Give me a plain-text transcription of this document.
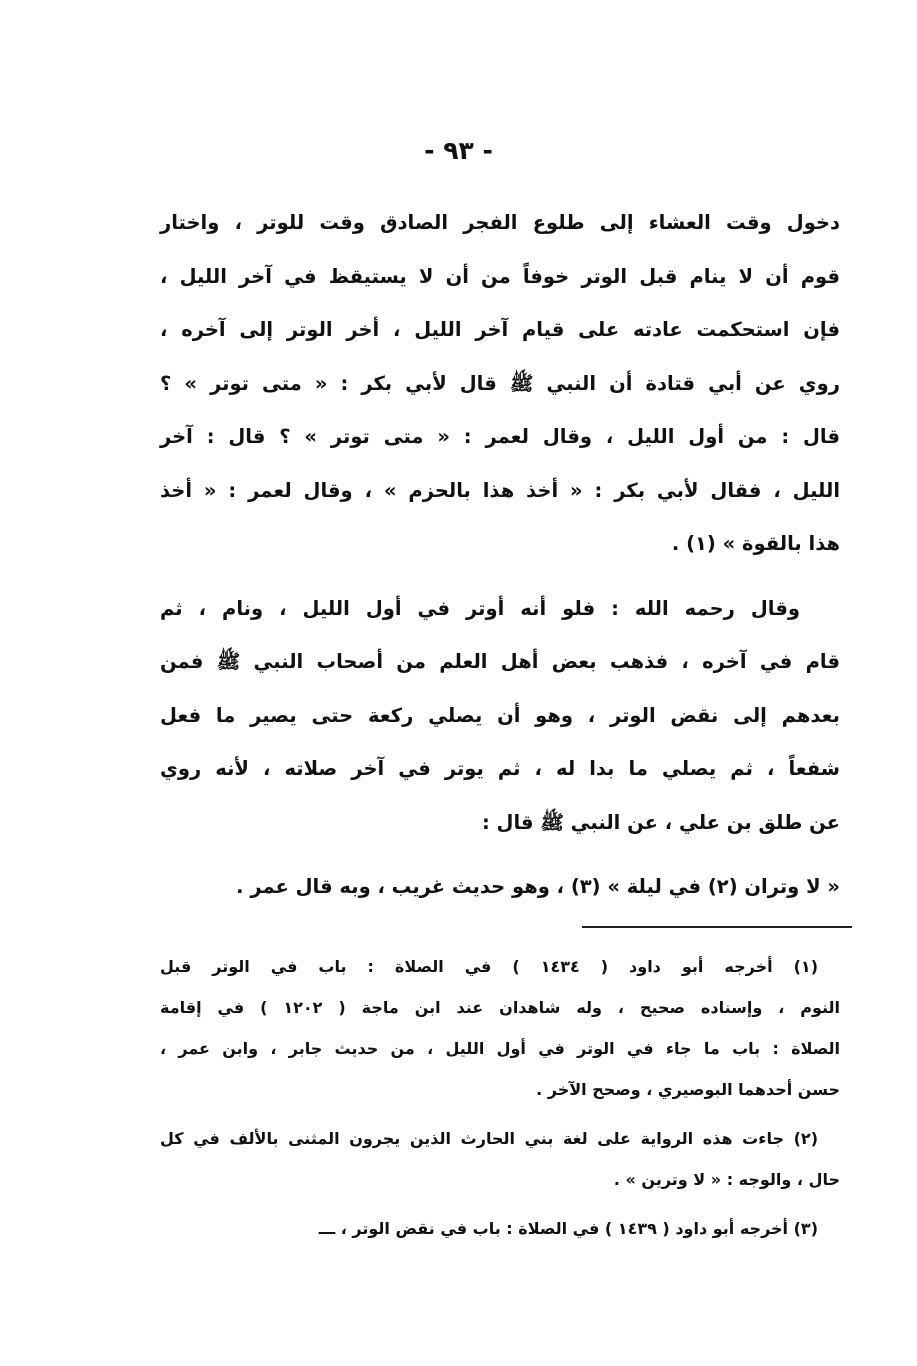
- ٩٣ -

دخول وقت العشاء إلى طلوع الفجر الصادق وقت للوتر ، واختار
قوم أن لا ينام قبل الوتر خوفاً من أن لا يستيقظ في آخر الليل ،
فإن استحكمت عادته على قيام آخر الليل ، أخر الوتر إلى آخره ،
روي عن أبي قتادة أن النبي ﷺ قال لأبي بكر : « متى توتر » ؟
قال : من أول الليل ، وقال لعمر : « متى توتر » ؟ قال : آخر
الليل ، فقال لأبي بكر : « أخذ هذا بالحزم » ، وقال لعمر : « أخذ
هذا بالقوة » (١) .

وقال رحمه الله : فلو أنه أوتر في أول الليل ، ونام ، ثم
قام في آخره ، فذهب بعض أهل العلم من أصحاب النبي ﷺ فمن
بعدهم إلى نقض الوتر ، وهو أن يصلي ركعة حتى يصير ما فعل
شفعاً ، ثم يصلي ما بدا له ، ثم يوتر في آخر صلاته ، لأنه روي
عن طلق بن علي ، عن النبي ﷺ قال :

« لا وتران (٢) في ليلة » (٣) ، وهو حديث غريب ، وبه قال عمر .

(١) أخرجه أبو داود ( ١٤٣٤ ) في الصلاة : باب في الوتر قبل
النوم ، وإسناده صحيح ، وله شاهدان عند ابن ماجة ( ١٢٠٢ ) في إقامة
الصلاة : باب ما جاء في الوتر في أول الليل ، من حديث جابر ، وابن عمر ،
حسن أحدهما البوصيري ، وصحح الآخر .

(٢) جاءت هذه الرواية على لغة بني الحارث الذين يجرون المثنى بالألف في كل
حال ، والوجه : « لا وترين » .

(٣) أخرجه أبو داود ( ١٤٣٩ ) في الصلاة : باب في نقض الوتر ، ـــ
